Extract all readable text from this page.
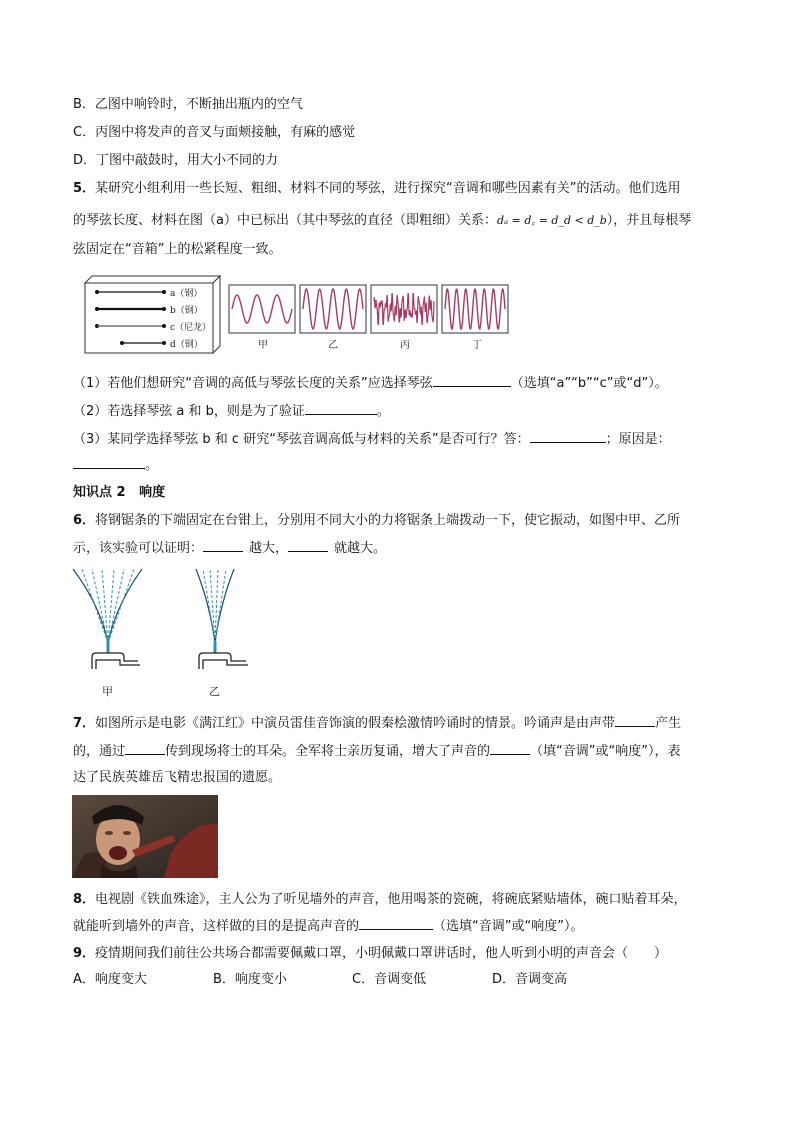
B．乙图中响铃时，不断抽出瓶内的空气
C．丙图中将发声的音叉与面颊接触，有麻的感觉
D．丁图中敲鼓时，用大小不同的力
5．某研究小组利用一些长短、粗细、材料不同的琴弦，进行探究“音调和哪些因素有关”的活动。他们选用
的琴弦长度、材料在图（a）中已标出（其中琴弦的直径（即粗细）关系：dₐ = d꜀ = d_d < d_b），并且每根琴
弦固定在“音箱”上的松紧程度一致。
a（钢）
b（钢）
c（尼龙）
d（钢）	甲	乙	丙	丁
（1）若他们想研究“音调的高低与琴弦长度的关系”应选择琴弦	（选填“a”“b”“c”或“d”）。
（2）若选择琴弦 a 和 b，则是为了验证	。
（3）某同学选择琴弦 b 和 c 研究“琴弦音调高低与材料的关系”是否可行？答：	；原因是：
。
知识点 2 响度
6．将钢锯条的下端固定在台钳上，分别用不同大小的力将锯条上端拨动一下，使它振动，如图中甲、乙所
示，该实验可以证明：	越大，	就越大。
甲	乙
7．如图所示是电影《满江红》中演员雷佳音饰演的假秦桧激情吟诵时的情景。吟诵声是由声带	产生
的，通过	传到现场将士的耳朵。全军将士亲历复诵，增大了声音的	（填“音调”或“响度”），表
达了民族英雄岳飞精忠报国的遗愿。
8．电视剧《铁血殊途》，主人公为了听见墙外的声音，他用喝茶的瓷碗，将碗底紧贴墙体，碗口贴着耳朵，
就能听到墙外的声音，这样做的目的是提高声音的	（选填“音调”或“响度”）。
9．疫情期间我们前往公共场合都需要佩戴口罩，小明佩戴口罩讲话时，他人听到小明的声音会（　　）
A．响度变大	B．响度变小	C．音调变低	D．音调变高
